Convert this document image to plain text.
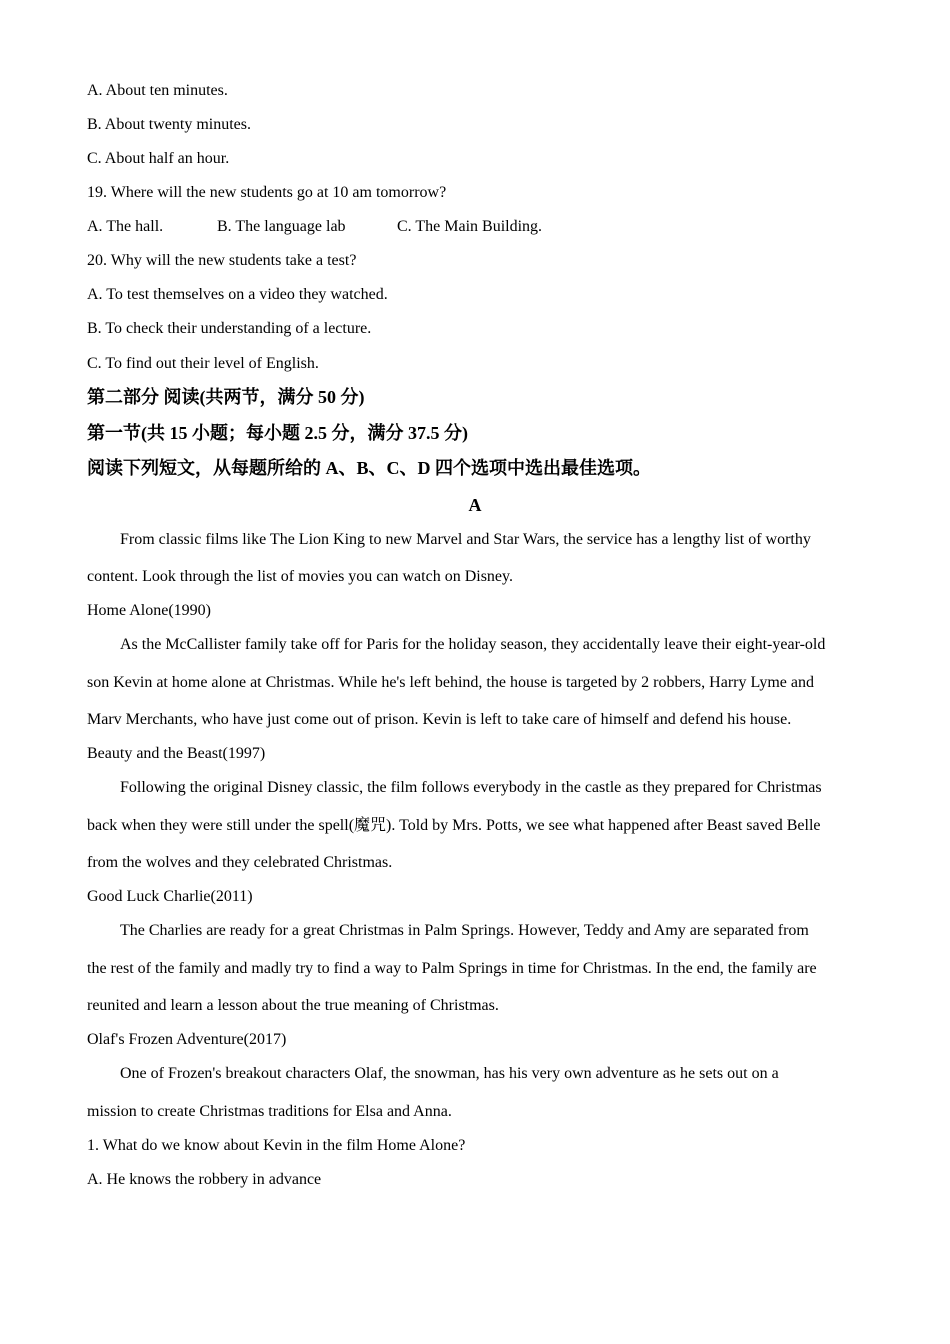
A. About ten minutes.
B. About twenty minutes.
C. About half an hour.
19. Where will the new students go at 10 am tomorrow?
A. The hall.	B. The language lab	C. The Main Building.
20. Why will the new students take a test?
A. To test themselves on a video they watched.
B. To check their understanding of a lecture.
C. To find out their level of English.
第二部分 阅读(共两节，满分 50 分)
第一节(共 15 小题；每小题 2.5 分，满分 37.5 分)
阅读下列短文，从每题所给的 A、B、C、D 四个选项中选出最佳选项。
A
From classic films like The Lion King to new Marvel and Star Wars, the service has a lengthy list of worthy
content. Look through the list of movies you can watch on Disney.
Home Alone(1990)
As the McCallister family take off for Paris for the holiday season, they accidentally leave their eight-year-old
son Kevin at home alone at Christmas. While he's left behind, the house is targeted by 2 robbers, Harry Lyme and
Marv Merchants, who have just come out of prison. Kevin is left to take care of himself and defend his house.
Beauty and the Beast(1997)
Following the original Disney classic, the film follows everybody in the castle as they prepared for Christmas
back when they were still under the spell(魔咒). Told by Mrs. Potts, we see what happened after Beast saved Belle
from the wolves and they celebrated Christmas.
Good Luck Charlie(2011)
The Charlies are ready for a great Christmas in Palm Springs. However, Teddy and Amy are separated from
the rest of the family and madly try to find a way to Palm Springs in time for Christmas. In the end, the family are
reunited and learn a lesson about the true meaning of Christmas.
Olaf's Frozen Adventure(2017)
One of Frozen's breakout characters Olaf, the snowman, has his very own adventure as he sets out on a
mission to create Christmas traditions for Elsa and Anna.
1. What do we know about Kevin in the film Home Alone?
A. He knows the robbery in advance
